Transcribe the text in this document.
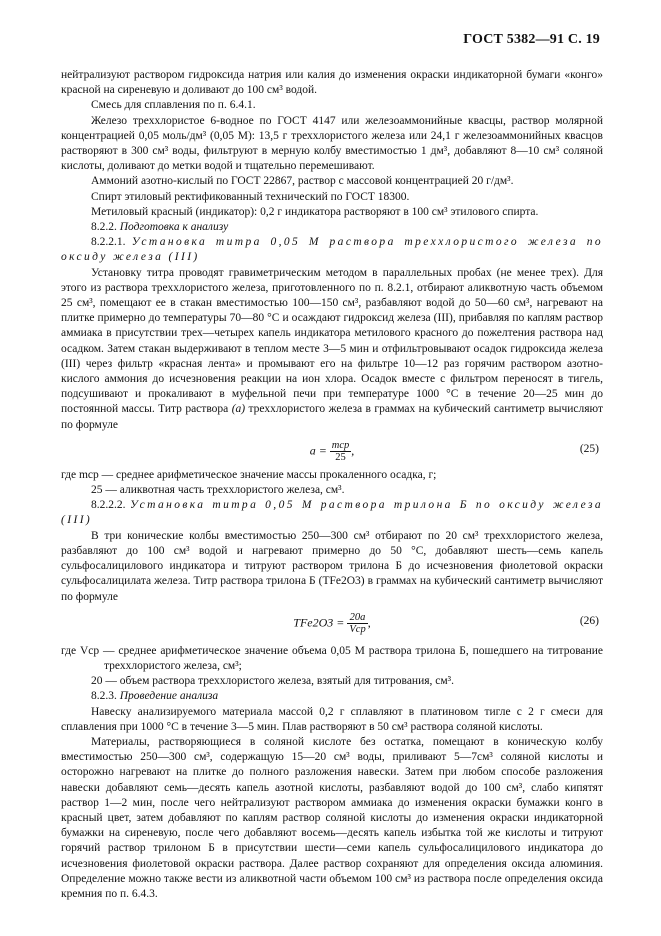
ГОСТ 5382—91 С. 19

нейтрализуют раствором гидроксида натрия или калия до изменения окраски индикаторной бумаги «конго» красной на сиреневую и доливают до 100 см³ водой.

Смесь для сплавления по п. 6.4.1.

Железо треххлористое 6-водное по ГОСТ 4147 или железоаммонийные квасцы, раствор молярной концентрацией 0,05 моль/дм³ (0,05 М): 13,5 г треххлористого железа или 24,1 г железоаммонийных квасцов растворяют в 300 см³ воды, фильтруют в мерную колбу вместимостью 1 дм³, добавляют 8—10 см³ соляной кислоты, доливают до метки водой и тщательно перемешивают.

Аммоний азотно-кислый по ГОСТ 22867, раствор с массовой концентрацией 20 г/дм³.

Спирт этиловый ректификованный технический по ГОСТ 18300.

Метиловый красный (индикатор): 0,2 г индикатора растворяют в 100 см³ этилового спирта.

8.2.2. Подготовка к анализу

8.2.2.1. Установка титра 0,05 М раствора треххлористого железа по оксиду железа (III)

Установку титра проводят гравиметрическим методом в параллельных пробах (не менее трех). Для этого из раствора треххлористого железа, приготовленного по п. 8.2.1, отбирают аликвотную часть объемом 25 см³, помещают ее в стакан вместимостью 100—150 см³, разбавляют водой до 50—60 см³, нагревают на плитке примерно до температуры 70—80 °С и осаждают гидроксид железа (III), прибавляя по каплям раствор аммиака в присутствии трех—четырех капель индикатора метилового красного до пожелтения раствора над осадком. Затем стакан выдерживают в теплом месте 3—5 мин и отфильтровывают осадок гидроксида железа (III) через фильтр «красная лента» и промывают его на фильтре 10—12 раз горячим раствором азотно-кислого аммония до исчезновения реакции на ион хлора. Осадок вместе с фильтром переносят в тигель, подсушивают и прокаливают в муфельной печи при температуре 1000 °С в течение 20—25 мин до постоянной массы. Титр раствора (a) треххлористого железа в граммах на кубический сантиметр вычисляют по формуле

$a = \frac{\text{mср}}{25}$ ,	(25)

где mср — среднее арифметическое значение массы прокаленного осадка, г;

25 — аликвотная часть треххлористого железа, см³.

8.2.2.2. Установка титра 0,05 М раствора трилона Б по оксиду железа (III)

В три конические колбы вместимостью 250—300 см³ отбирают по 20 см³ треххлористого железа, разбавляют до 100 см³ водой и нагревают примерно до 50 °С, добавляют шесть—семь капель сульфосалицилового индикатора и титруют раствором трилона Б до исчезновения фиолетовой окраски сульфосалицилата железа. Титр раствора трилона Б (TFe2O3) в граммах на кубический сантиметр вычисляют по формуле

$TFe2O3 = \frac{20a}{\text{Vср}}$ ,	(26)

где Vср — среднее арифметическое значение объема 0,05 М раствора трилона Б, пошедшего на титрование треххлористого железа, см³;

20 — объем раствора треххлористого железа, взятый для титрования, см³.

8.2.3. Проведение анализа

Навеску анализируемого материала массой 0,2 г сплавляют в платиновом тигле с 2 г смеси для сплавления при 1000 °С в течение 3—5 мин. Плав растворяют в 50 см³ раствора соляной кислоты.

Материалы, растворяющиеся в соляной кислоте без остатка, помещают в коническую колбу вместимостью 250—300 см³, содержащую 15—20 см³ воды, приливают 5—7см³ соляной кислоты и осторожно нагревают на плитке до полного разложения навески. Затем при любом способе разложения навески добавляют семь—десять капель азотной кислоты, разбавляют водой до 100 см³, слабо кипятят раствор 1—2 мин, после чего нейтрализуют раствором аммиака до изменения окраски бумажки конго в красный цвет, затем добавляют по каплям раствор соляной кислоты до изменения окраски индикаторной бумажки на сиреневую, после чего добавляют восемь—десять капель избытка той же кислоты и титруют горячий раствор трилоном Б в присутствии шести—семи капель сульфосалицилового индикатора до исчезновения фиолетовой окраски раствора. Далее раствор сохраняют для определения оксида алюминия. Определение можно также вести из аликвотной части объемом 100 см³ из раствора после определения оксида кремния по п. 6.4.3.
